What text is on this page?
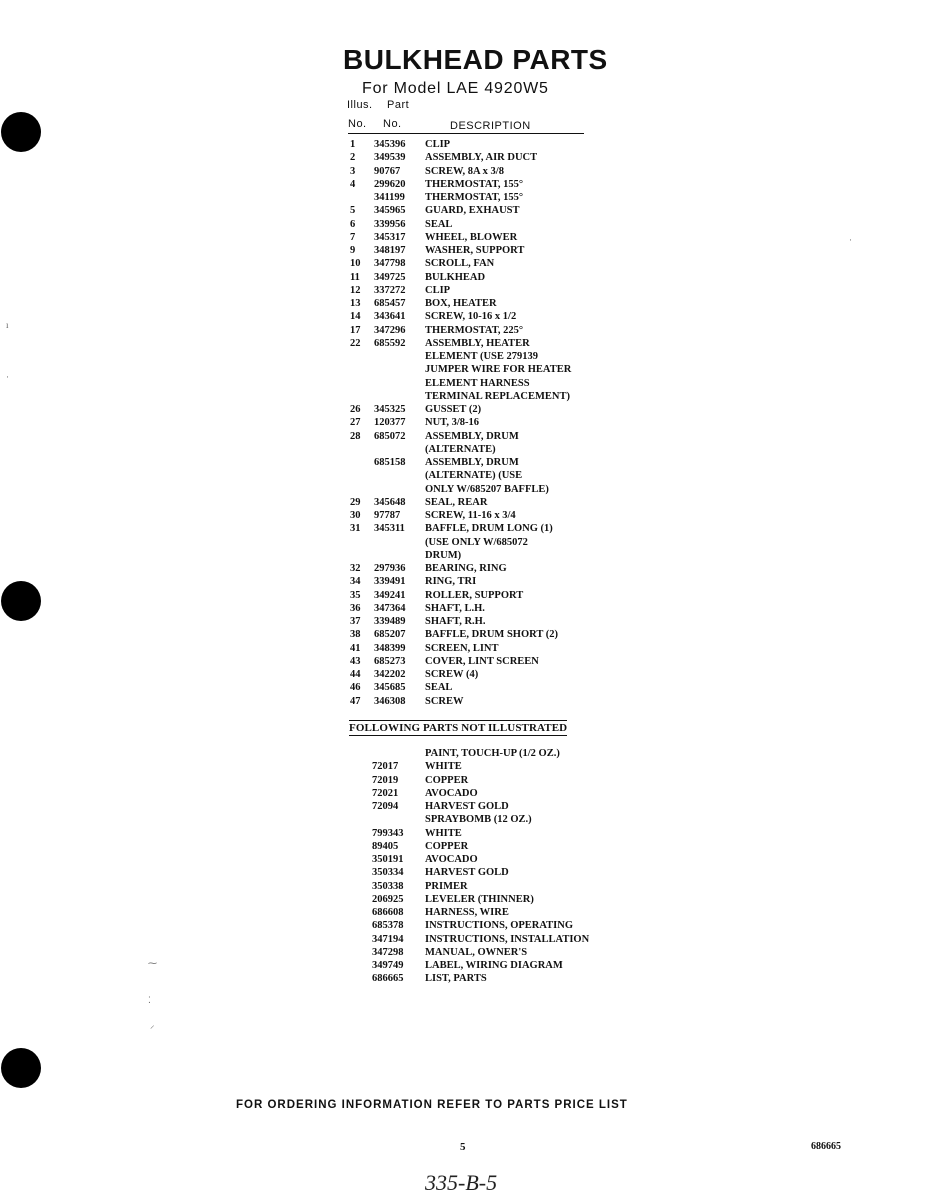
ı
·
⁓
⁚
⸝
·
BULKHEAD PARTS
For Model LAE 4920W5
Illus. Part
No. No.	DESCRIPTION
1 345396 CLIP
2 349539 ASSEMBLY, AIR DUCT
3 90767 SCREW, 8A x 3/8
4 299620 THERMOSTAT, 155°
341199 THERMOSTAT, 155°
5 345965 GUARD, EXHAUST
6 339956 SEAL
7 345317 WHEEL, BLOWER
9 348197 WASHER, SUPPORT
10 347798 SCROLL, FAN
11 349725 BULKHEAD
12 337272 CLIP
13 685457 BOX, HEATER
14 343641 SCREW, 10-16 x 1/2
17 347296 THERMOSTAT, 225°
22 685592 ASSEMBLY, HEATER
ELEMENT (USE 279139
JUMPER WIRE FOR HEATER
ELEMENT HARNESS
TERMINAL REPLACEMENT)
26 345325 GUSSET (2)
27 120377 NUT, 3/8-16
28 685072 ASSEMBLY, DRUM
(ALTERNATE)
685158 ASSEMBLY, DRUM
(ALTERNATE) (USE
ONLY W/685207 BAFFLE)
29 345648 SEAL, REAR
30 97787 SCREW, 11-16 x 3/4
31 345311 BAFFLE, DRUM LONG (1)
(USE ONLY W/685072
DRUM)
32 297936 BEARING, RING
34 339491 RING, TRI
35 349241 ROLLER, SUPPORT
36 347364 SHAFT, L.H.
37 339489 SHAFT, R.H.
38 685207 BAFFLE, DRUM SHORT (2)
41 348399 SCREEN, LINT
43 685273 COVER, LINT SCREEN
44 342202 SCREW (4)
46 345685 SEAL
47 346308 SCREW
FOLLOWING PARTS NOT ILLUSTRATED
PAINT, TOUCH-UP (1/2 OZ.)
72017	WHITE
72019	COPPER
72021	AVOCADO
72094	HARVEST GOLD
SPRAYBOMB (12 OZ.)
799343 WHITE
89405	COPPER
350191 AVOCADO
350334 HARVEST GOLD
350338 PRIMER
206925 LEVELER (THINNER)
686608 HARNESS, WIRE
685378 INSTRUCTIONS, OPERATING
347194 INSTRUCTIONS, INSTALLATION
347298 MANUAL, OWNER'S
349749 LABEL, WIRING DIAGRAM
686665 LIST, PARTS
FOR ORDERING INFORMATION REFER TO PARTS PRICE LIST
5	686665
335-B-5
